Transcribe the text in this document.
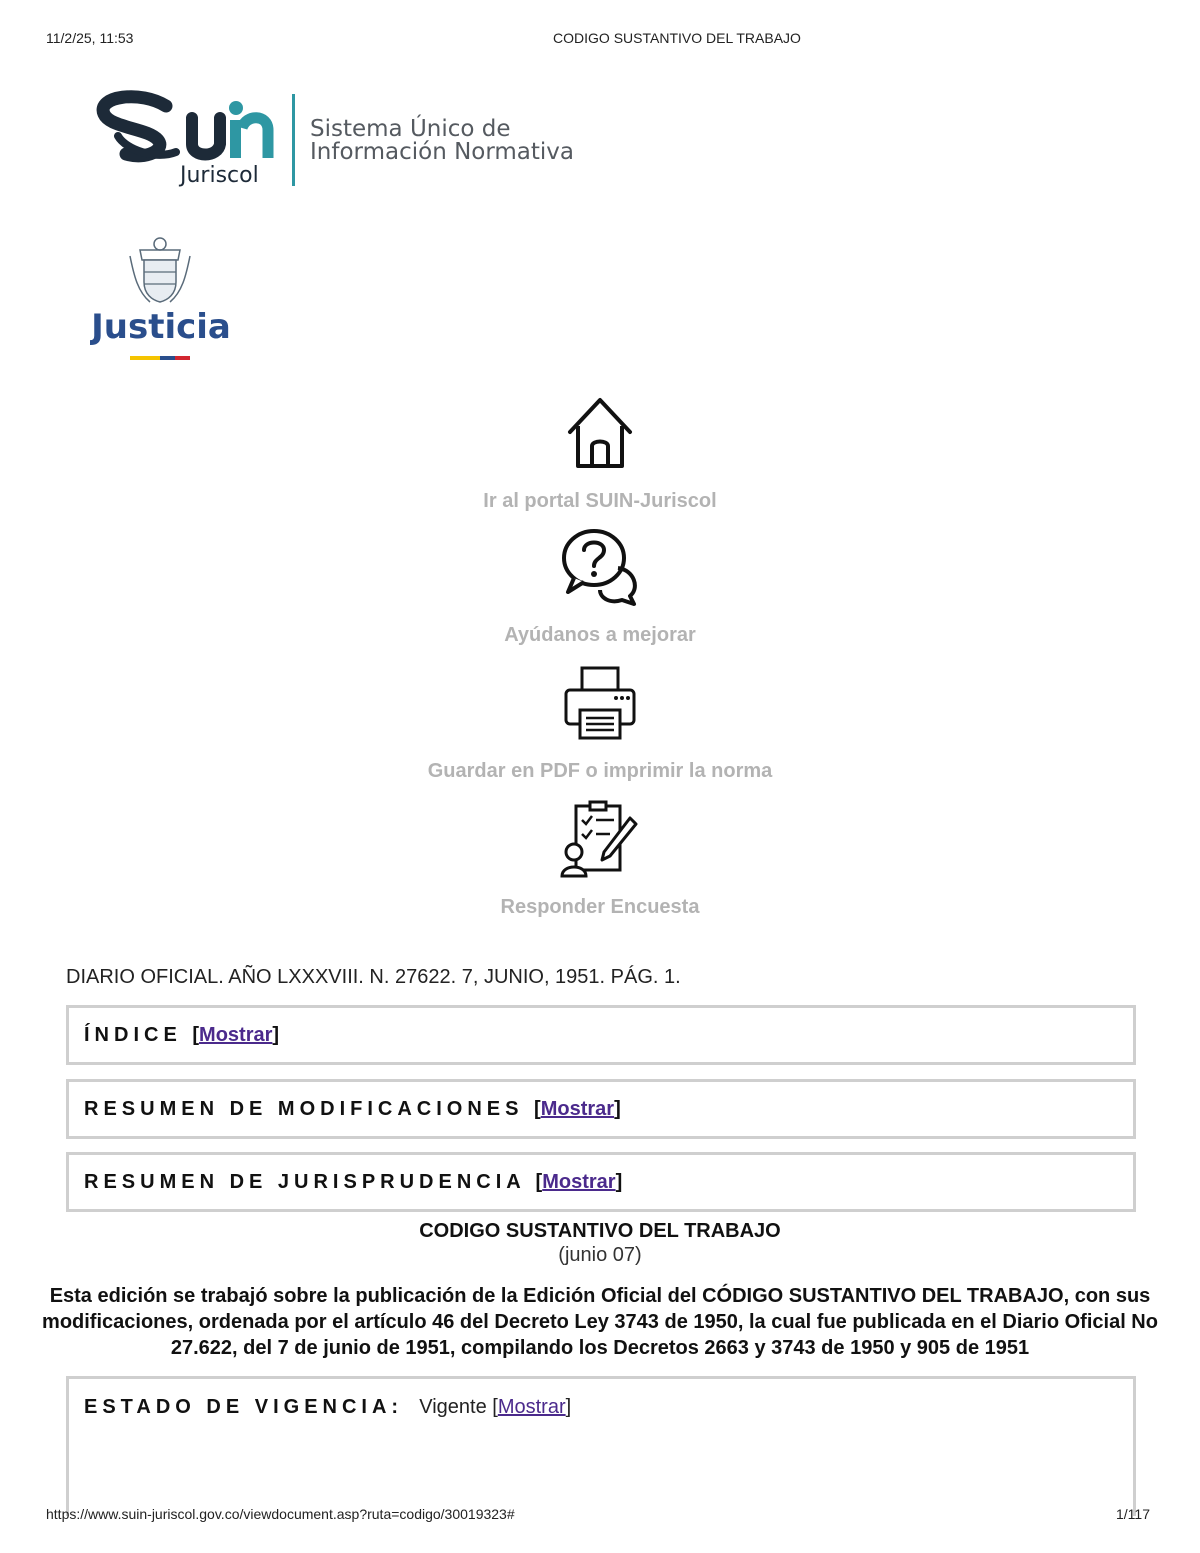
11/2/25, 11:53	CODIGO SUSTANTIVO DEL TRABAJO
Juriscol
Sistema Único de
Información Normativa
Justicia
Ir al portal SUIN-Juriscol
Ayúdanos a mejorar
Guardar en PDF o imprimir la norma
Responder Encuesta
DIARIO OFICIAL. AÑO LXXXVIII. N. 27622. 7, JUNIO, 1951. PÁG. 1.
ÍNDICE [Mostrar]
RESUMEN DE MODIFICACIONES [Mostrar]
RESUMEN DE JURISPRUDENCIA [Mostrar]
CODIGO SUSTANTIVO DEL TRABAJO
(junio 07)
Esta edición se trabajó sobre la publicación de la Edición Oficial del CÓDIGO SUSTANTIVO DEL TRABAJO, con sus modificaciones, ordenada por el artículo 46 del Decreto Ley 3743 de 1950, la cual fue publicada en el Diario Oficial No 27.622, del 7 de junio de 1951, compilando los Decretos 2663 y 3743 de 1950 y 905 de 1951
ESTADO DE VIGENCIA: Vigente [Mostrar]
https://www.suin-juriscol.gov.co/viewdocument.asp?ruta=codigo/30019323#	1/117
